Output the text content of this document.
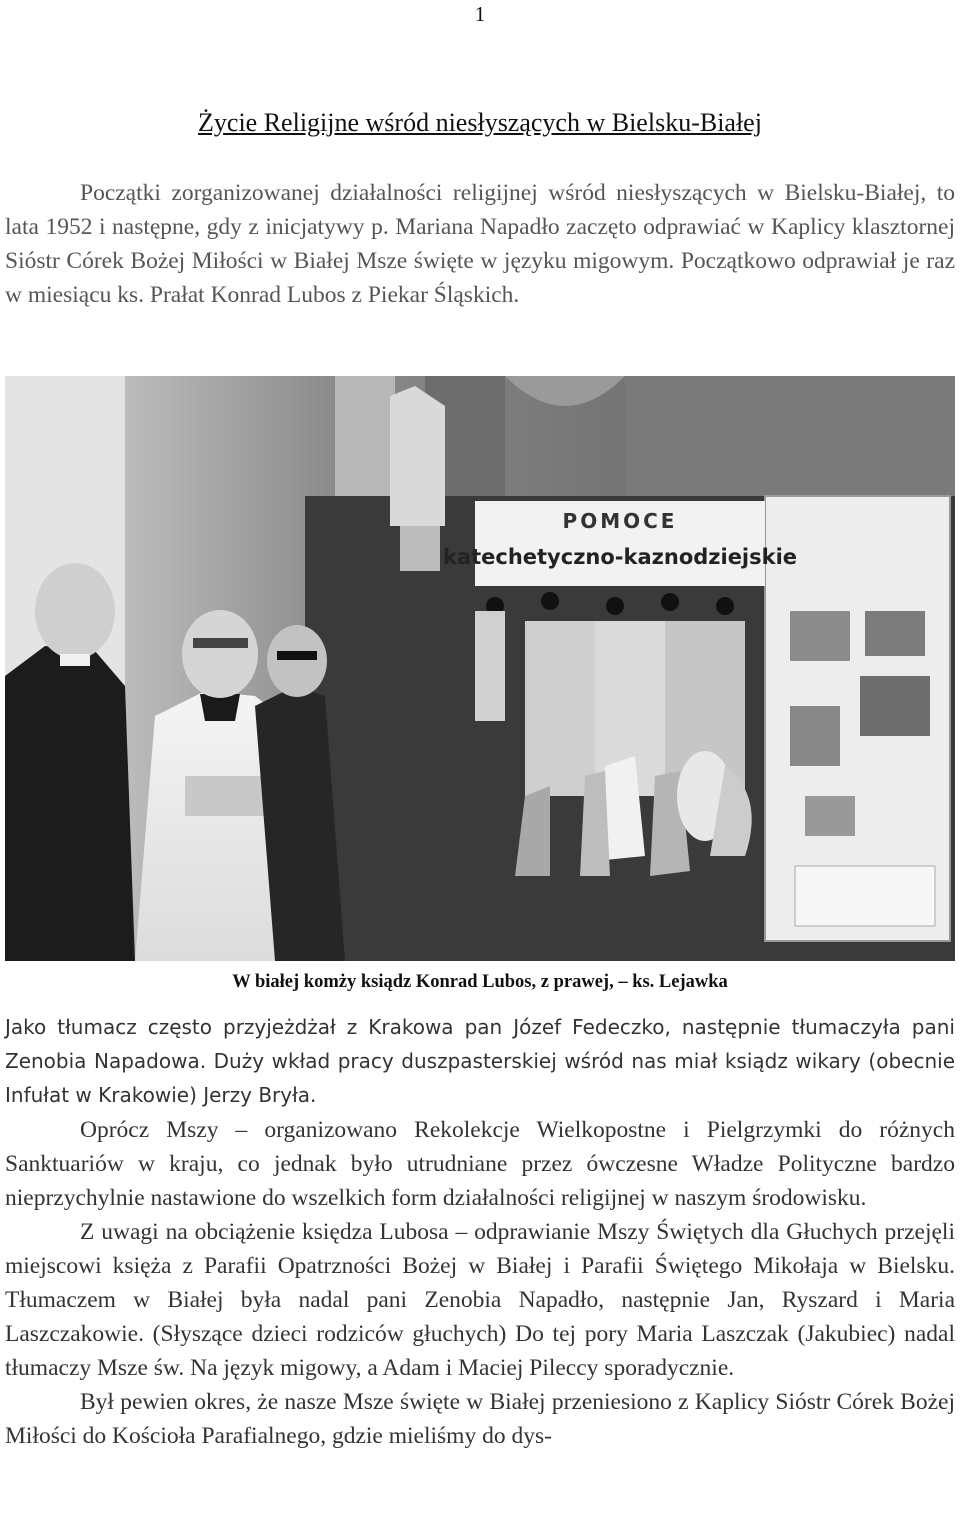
1
Życie Religijne wśród niesłyszących w Bielsku-Białej

Początki zorganizowanej działalności religijnej wśród niesłyszących w Bielsku-Białej, to lata 1952 i następne, gdy z inicjatywy p. Mariana Napadło zaczęto odprawiać w Kaplicy klasztornej Sióstr Córek Bożej Miłości w Białej Msze święte w języku migowym. Początkowo odprawiał je raz w miesiącu ks. Prałat Konrad Lubos z Piekar Śląskich.

POMOCE
katechetyczno-kaznodziejskie
W białej komży ksiądz Konrad Lubos, z prawej, – ks. Lejawka

Jako tłumacz często przyjeżdżał z Krakowa pan Józef Fedeczko, następnie tłumaczyła pani Zenobia Napadowa. Duży wkład pracy duszpasterskiej wśród nas miał ksiądz wikary (obecnie Infułat w Krakowie) Jerzy Bryła.

Oprócz Mszy – organizowano Rekolekcje Wielkopostne i Pielgrzymki do różnych Sanktuariów w kraju, co jednak było utrudniane przez ówczesne Władze Polityczne bardzo nieprzychylnie nastawione do wszelkich form działalności religijnej w naszym środowisku.

Z uwagi na obciążenie księdza Lubosa – odprawianie Mszy Świętych dla Głuchych przejęli miejscowi księża z Parafii Opatrzności Bożej w Białej i Parafii Świętego Mikołaja w Bielsku. Tłumaczem w Białej była nadal pani Zenobia Napadło, następnie Jan, Ryszard i Maria Laszczakowie. (Słyszące dzieci rodziców głuchych) Do tej pory Maria Laszczak (Jakubiec) nadal tłumaczy Msze św. Na język migowy, a Adam i Maciej Pileccy sporadycznie.

Był pewien okres, że nasze Msze święte w Białej przeniesiono z Kaplicy Sióstr Córek Bożej Miłości do Kościoła Parafialnego, gdzie mieliśmy do dys-
